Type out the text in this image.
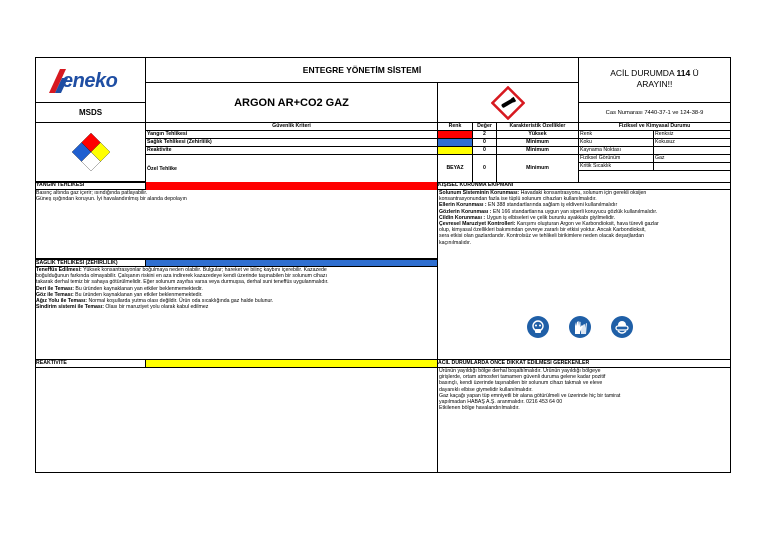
eneko
MSDS
ENTEGRE YÖNETİM SİSTEMİ
ARGON AR+CO2 GAZ
ACİL DURUMDA 114 Ü
ARAYIN!!
Cas Numarası 7440-37-1 ve 124-38-9
Güvenlik Kriteri	Renk	Değer	Karakteristik Özellikler
Yangın Tehlikesi	2	Yüksek
Sağlık Tehlikesi (Zehirlilik)	0	Minimum
Reaktivite	0	Minimum
Özel Tehlike	BEYAZ	0	Minimum
Fiziksel ve Kimyasal Durumu
Renk	Renksiz
Koku	Kokusuz
Kaynama Noktası
Fiziksel Görünüm	Gaz
Kritik Sıcaklık
YANGIN TEHLİKESİ
Basınç altında gaz içerir; ısındığında patlayabilir.
Güneş ışığından koruyun. İyi havalandırılmış bir alanda depolayın
SAĞLIK TEHLİKESİ (ZEHİRLİLİK)
Teneffüs Edilmesi: Yüksek konsantrasyonlar boğulmaya neden olabilir. Bulgular; hareket ve bilinç kaybını içerebilir. Kazazede
boğulduğunun farkında olmayabilir. Çalışanın riskini en aza indirerek kazazedeye kendi üzerinde taşınabilen bir solunum cihazı
takarak derhal temiz bir sahaya götürülmelidir. Eğer solunum zayıfsa varsa veya durmuşsa, derhal suni teneffüs uygulanmalıdır.
Deri ile Teması: Bu üründen kaynaklanan yan etkiler beklenmemektedir.
Göz ile Teması: Bu üründen kaynaklanan yan etkiler beklenmemektedir.
Ağız Yolu ile Teması: Normal koşullarda yutma olası değildir. Ürün oda sıcaklığında gaz halde bulunur.
Sindirim sistemi ile Teması: Olası bir maruziyet yolu olarak kabul edilmez
REAKTİVİTE
KİŞİSEL KORUNMA EKİPMANI
Solunum Sisteminin Korunması: Havadaki konsantrasyonu, solunum için gerekli oksijen
konsantrasyonundan fazla ise tüplü solunum cihazları kullanılmalıdır.
Ellerin Korunması : EN 388 standartlarında sağlam iş eldiveni kullanılmalıdır
Gözlerin Korunması : EN 166 standartlarına uygun yan siperli koruyucu gözlük kullanılmalıdır.
Cildin Korunması : Uygun iş elbiseleri ve çelik burunlu ayakkabı giyilmelidir.
Çevresel Maruziyet Kontrolleri: Karışımı oluşturan Argon ve Karbondioksit, hava türevli gazlar
olup, kimyasal özellikleri bakımından çevreye zararlı bir etkisi yoktur. Ancak Karbondioksit,
sera etkisi olan gazlardandır. Kontrolsüz ve tehlikeli birikimlere neden olacak deşarjlardan
kaçınılmalıdır.
ACİL DURUMLARDA ÖNCE DİKKAT EDİLMESİ GEREKENLER
Ürünün yayıldığı bölge derhal boşaltılmalıdır. Ürünün yayıldığı bölgeye
girişlerde, ortam atmosferi tamamen güvenli duruma gelene kadar pozitif
basınçlı, kendi üzerinde taşınabilen bir solunum cihazı takmalı ve eleve
dayanıklı elbise giymelidir kullanılmalıdır.
Gaz kaçağı yapan tüp emniyetli bir alana götürülmeli ve üzerinde hiç bir tamirat
yapılmadan HABAŞ A.Ş. aranmalıdır. 0216 453 64 00
Etkilenen bölge havalandırılmalıdır.
